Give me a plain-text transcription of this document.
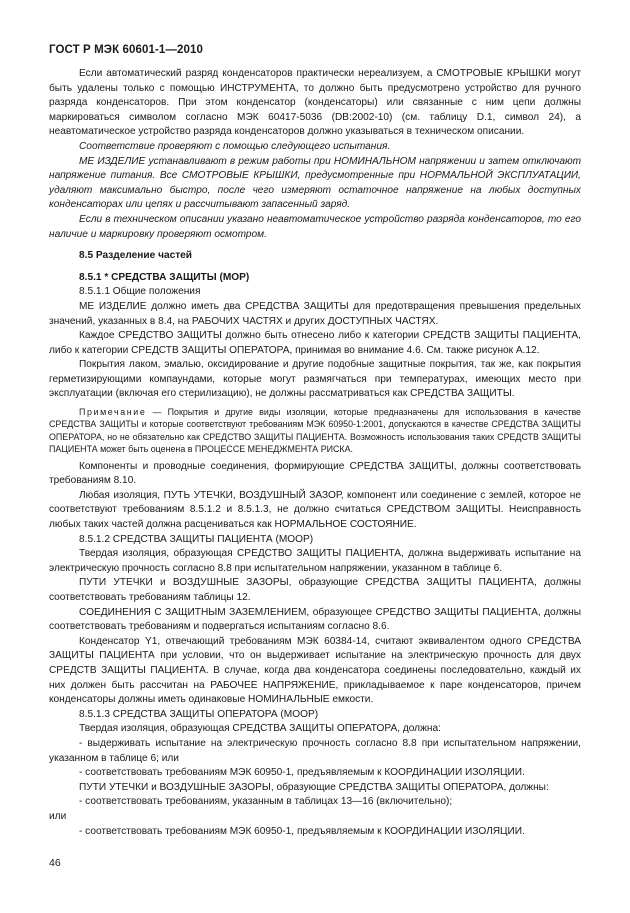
ГОСТ Р МЭК 60601-1—2010

Если автоматический разряд конденсаторов практически нереализуем, а СМОТРОВЫЕ КРЫШКИ могут быть удалены только с помощью ИНСТРУМЕНТА, то должно быть предусмотрено устройство для ручного разряда конденсаторов. При этом конденсатор (конденсаторы) или связанные с ним цепи должны маркироваться символом согласно МЭК 60417-5036 (DB:2002-10) (см. таблицу D.1, символ 24), а неавтоматическое устройство разряда конденсаторов должно указываться в техническом описании.

Соответствие проверяют с помощью следующего испытания.

МЕ ИЗДЕЛИЕ устанавливают в режим работы при НОМИНАЛЬНОМ напряжении и затем отключают напряжение питания. Все СМОТРОВЫЕ КРЫШКИ, предусмотренные при НОРМАЛЬНОЙ ЭКСПЛУАТАЦИИ, удаляют максимально быстро, после чего измеряют остаточное напряжение на любых доступных конденсаторах или цепях и рассчитывают запасенный заряд.

Если в техническом описании указано неавтоматическое устройство разряда конденсаторов, то его наличие и маркировку проверяют осмотром.

8.5 Разделение частей

8.5.1 * СРЕДСТВА ЗАЩИТЫ (МОР)

8.5.1.1 Общие положения

МЕ ИЗДЕЛИЕ должно иметь два СРЕДСТВА ЗАЩИТЫ для предотвращения превышения предельных значений, указанных в 8.4, на РАБОЧИХ ЧАСТЯХ и других ДОСТУПНЫХ ЧАСТЯХ.

Каждое СРЕДСТВО ЗАЩИТЫ должно быть отнесено либо к категории СРЕДСТВ ЗАЩИТЫ ПАЦИЕНТА, либо к категории СРЕДСТВ ЗАЩИТЫ ОПЕРАТОРА, принимая во внимание 4.6. См. также рисунок А.12.

Покрытия лаком, эмалью, оксидирование и другие подобные защитные покрытия, так же, как покрытия герметизирующими компаундами, которые могут размягчаться при температурах, имеющих место при эксплуатации (включая его стерилизацию), не должны рассматриваться как СРЕДСТВА ЗАЩИТЫ.

Примечание — Покрытия и другие виды изоляции, которые предназначены для использования в качестве СРЕДСТВА ЗАЩИТЫ и которые соответствуют требованиям МЭК 60950-1:2001, допускаются в качестве СРЕДСТВА ЗАЩИТЫ ОПЕРАТОРА, но не обязательно как СРЕДСТВО ЗАЩИТЫ ПАЦИЕНТА. Возможность использования таких СРЕДСТВ ЗАЩИТЫ ПАЦИЕНТА может быть оценена в ПРОЦЕССЕ МЕНЕДЖМЕНТА РИСКА.

Компоненты и проводные соединения, формирующие СРЕДСТВА ЗАЩИТЫ, должны соответствовать требованиям 8.10.

Любая изоляция, ПУТЬ УТЕЧКИ, ВОЗДУШНЫЙ ЗАЗОР, компонент или соединение с землей, которое не соответствуют требованиям 8.5.1.2 и 8.5.1.3, не должно считаться СРЕДСТВОМ ЗАЩИТЫ. Неисправность любых таких частей должна расцениваться как НОРМАЛЬНОЕ СОСТОЯНИЕ.

8.5.1.2 СРЕДСТВА ЗАЩИТЫ ПАЦИЕНТА (МООР)

Твердая изоляция, образующая СРЕДСТВО ЗАЩИТЫ ПАЦИЕНТА, должна выдерживать испытание на электрическую прочность согласно 8.8 при испытательном напряжении, указанном в таблице 6.

ПУТИ УТЕЧКИ и ВОЗДУШНЫЕ ЗАЗОРЫ, образующие СРЕДСТВА ЗАЩИТЫ ПАЦИЕНТА, должны соответствовать требованиям таблицы 12.

СОЕДИНЕНИЯ С ЗАЩИТНЫМ ЗАЗЕМЛЕНИЕМ, образующее СРЕДСТВО ЗАЩИТЫ ПАЦИЕНТА, должны соответствовать требованиям и подвергаться испытаниям согласно 8.6.

Конденсатор Y1, отвечающий требованиям МЭК 60384-14, считают эквивалентом одного СРЕДСТВА ЗАЩИТЫ ПАЦИЕНТА при условии, что он выдерживает испытание на электрическую прочность для двух СРЕДСТВ ЗАЩИТЫ ПАЦИЕНТА. В случае, когда два конденсатора соединены последовательно, каждый их них должен быть рассчитан на РАБОЧЕЕ НАПРЯЖЕНИЕ, прикладываемое к паре конденсаторов, причем конденсаторы должны иметь одинаковые НОМИНАЛЬНЫЕ емкости.

8.5.1.3 СРЕДСТВА ЗАЩИТЫ ОПЕРАТОРА (МООР)

Твердая изоляция, образующая СРЕДСТВА ЗАЩИТЫ ОПЕРАТОРА, должна:

- выдерживать испытание на электрическую прочность согласно 8.8 при испытательном напряжении, указанном в таблице 6; или

- соответствовать требованиям МЭК 60950-1, предъявляемым к КООРДИНАЦИИ ИЗОЛЯЦИИ.

ПУТИ УТЕЧКИ и ВОЗДУШНЫЕ ЗАЗОРЫ, образующие СРЕДСТВА ЗАЩИТЫ ОПЕРАТОРА, должны:

- соответствовать требованиям, указанным в таблицах 13—16 (включительно);

или

- соответствовать требованиям МЭК 60950-1, предъявляемым к КООРДИНАЦИИ ИЗОЛЯЦИИ.

46
